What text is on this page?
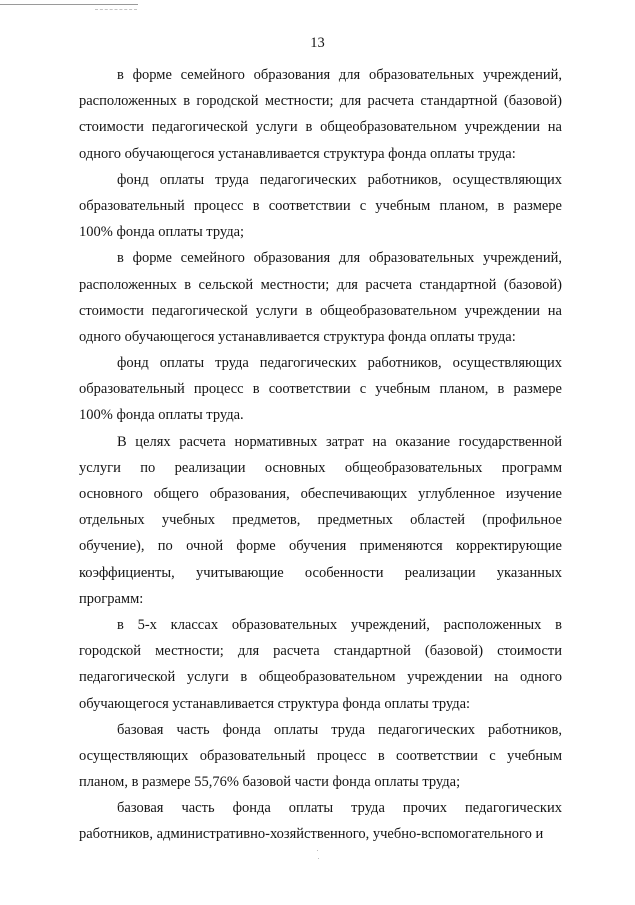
13
в форме семейного образования для образовательных учреждений,
расположенных в городской местности; для расчета стандартной (базовой)
стоимости педагогической услуги в общеобразовательном учреждении на
одного обучающегося устанавливается структура фонда оплаты труда:
фонд оплаты труда педагогических работников, осуществляющих
образовательный процесс в соответствии с учебным планом, в размере
100% фонда оплаты труда;
в форме семейного образования для образовательных учреждений,
расположенных в сельской местности; для расчета стандартной (базовой)
стоимости педагогической услуги в общеобразовательном учреждении на
одного обучающегося устанавливается структура фонда оплаты труда:
фонд оплаты труда педагогических работников, осуществляющих
образовательный процесс в соответствии с учебным планом, в размере
100% фонда оплаты труда.
В целях расчета нормативных затрат на оказание государственной
услуги по реализации основных общеобразовательных программ
основного общего образования, обеспечивающих углубленное изучение
отдельных учебных предметов, предметных областей (профильное
обучение), по очной форме обучения применяются корректирующие
коэффициенты, учитывающие особенности реализации указанных
программ:
в 5-х классах образовательных учреждений, расположенных в
городской местности; для расчета стандартной (базовой) стоимости
педагогической услуги в общеобразовательном учреждении на одного
обучающегося устанавливается структура фонда оплаты труда:
базовая часть фонда оплаты труда педагогических работников,
осуществляющих образовательный процесс в соответствии с учебным
планом, в размере 55,76% базовой части фонда оплаты труда;
базовая часть фонда оплаты труда прочих педагогических
работников, административно-хозяйственного, учебно-вспомогательного и
